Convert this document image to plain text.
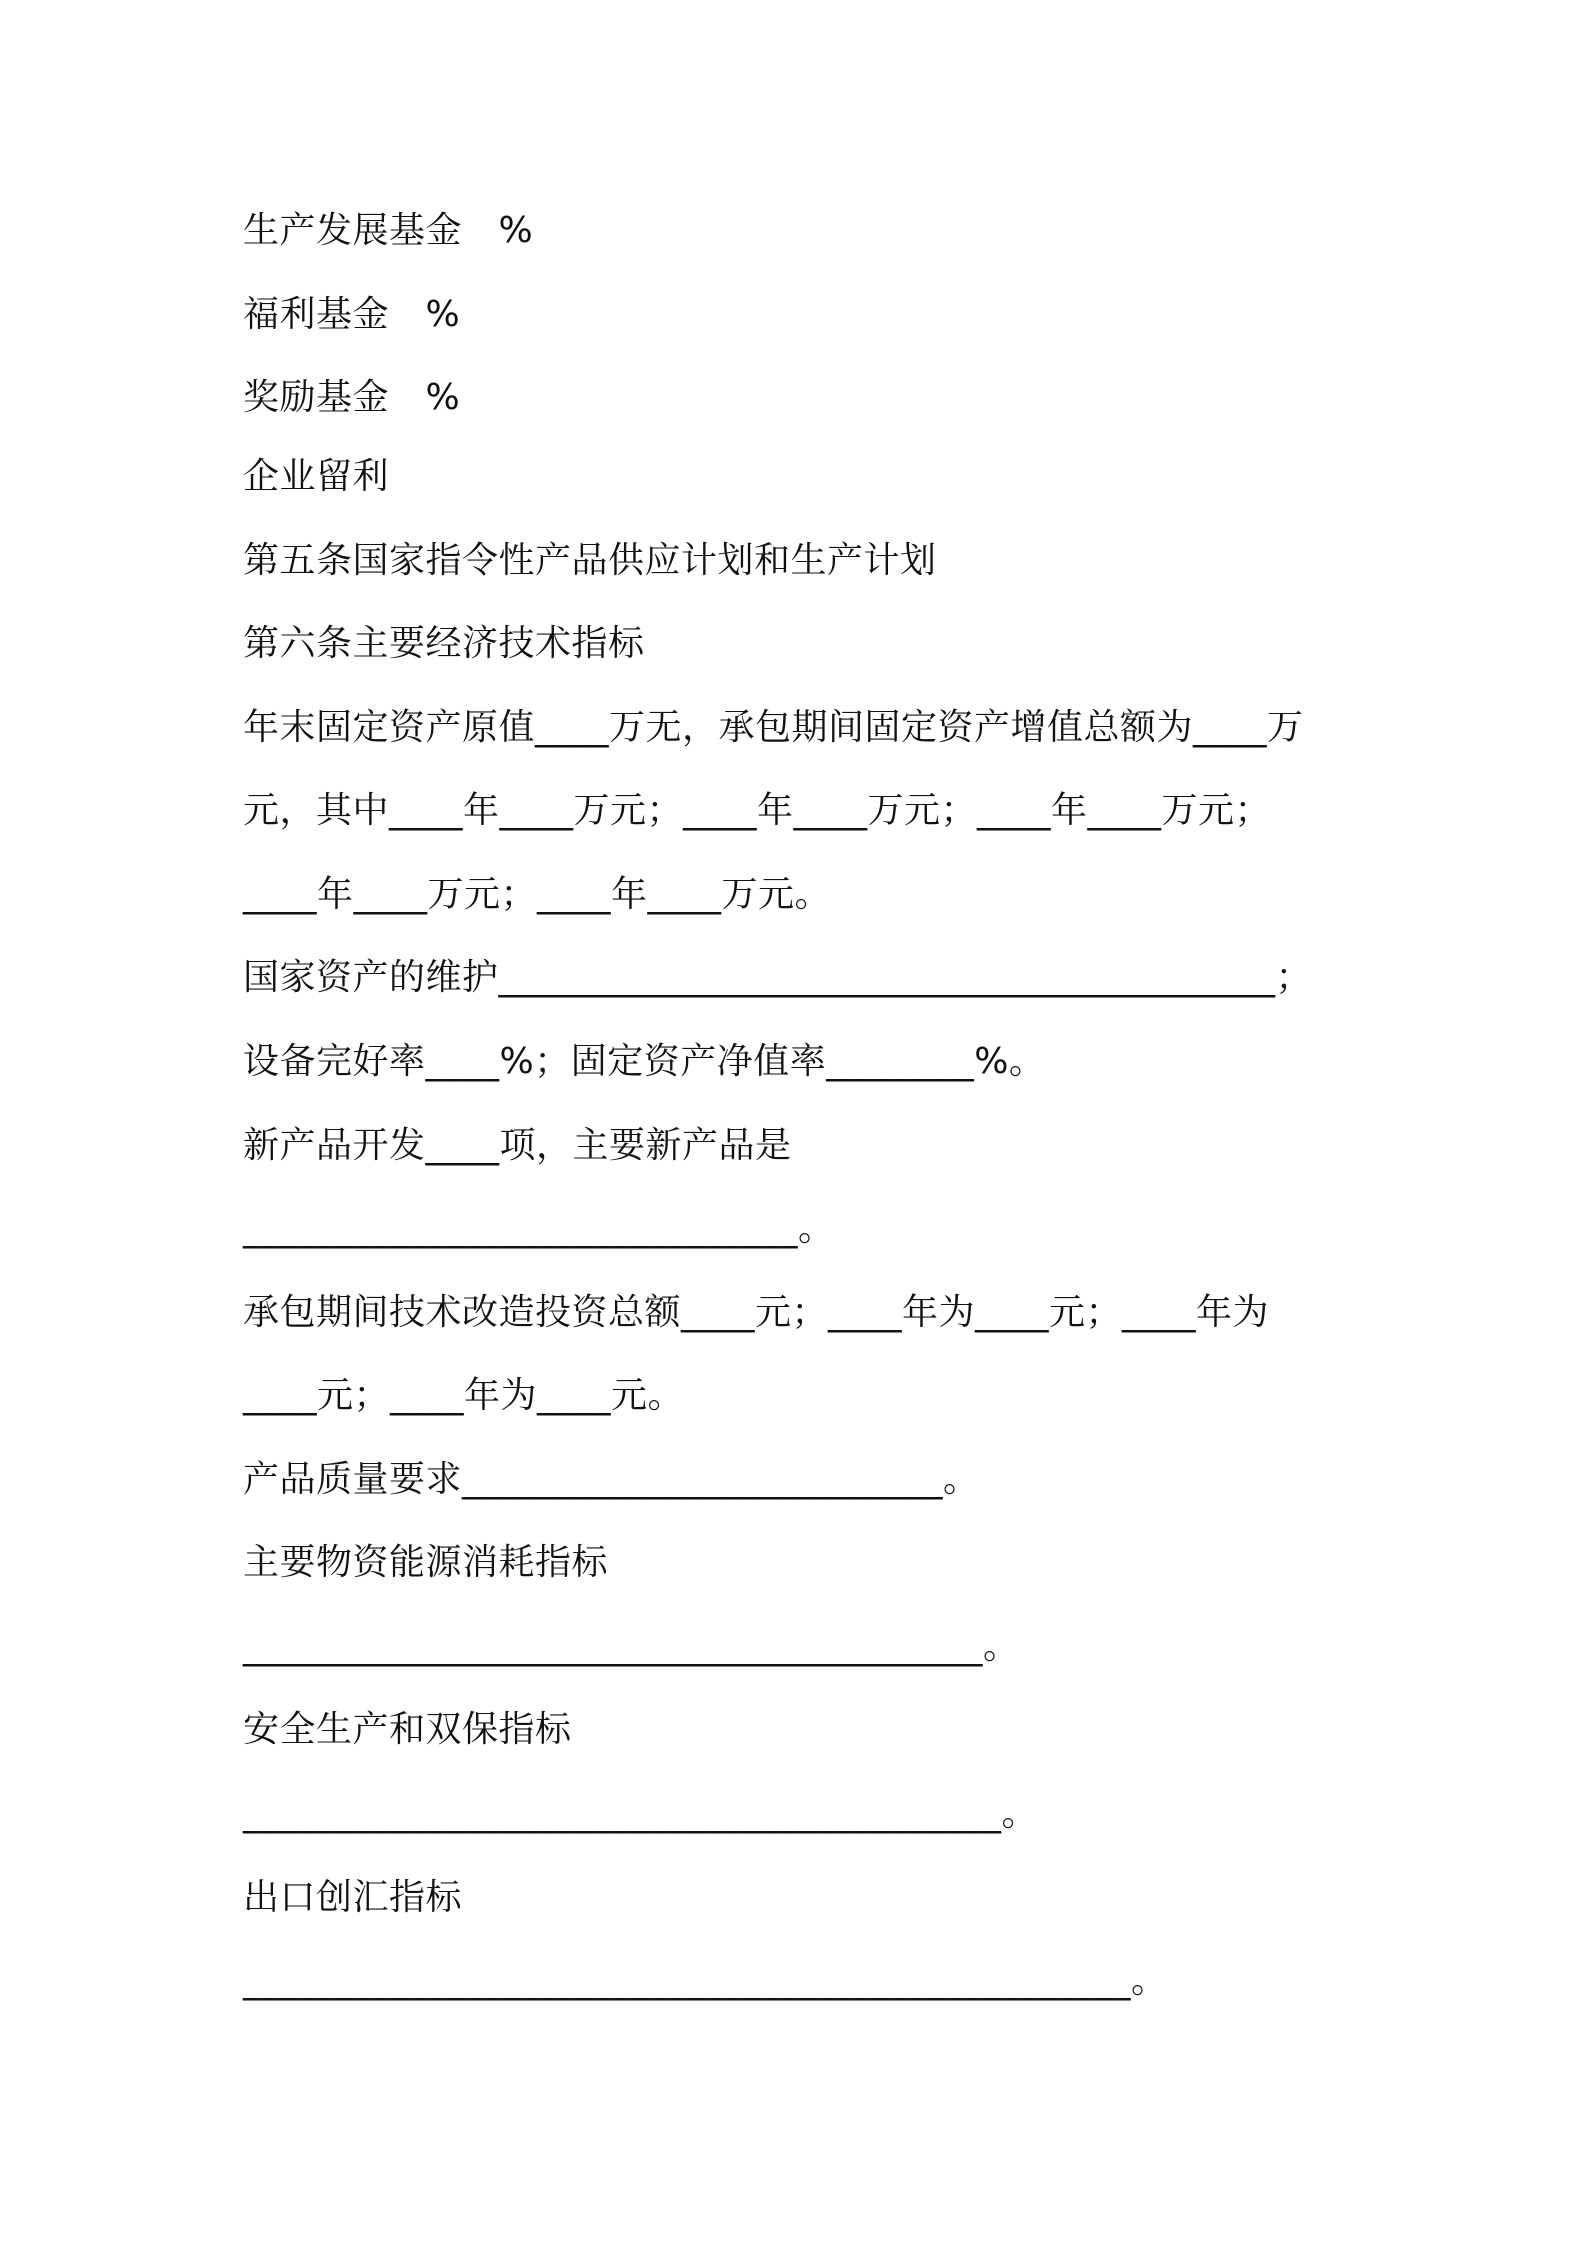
生产发展基金　%
福利基金　%
奖励基金　%
企业留利
第五条国家指令性产品供应计划和生产计划
第六条主要经济技术指标
年末固定资产原值____万无，承包期间固定资产增值总额为____万
元，其中____年____万元；____年____万元；____年____万元；
____年____万元；____年____万元。
国家资产的维护__________________________________________；
设备完好率____%；固定资产净值率________%。
新产品开发____项，主要新产品是
______________________________。
承包期间技术改造投资总额____元；____年为____元；____年为
____元；____年为____元。
产品质量要求__________________________。
主要物资能源消耗指标
________________________________________。
安全生产和双保指标
_________________________________________。
出口创汇指标
________________________________________________。
